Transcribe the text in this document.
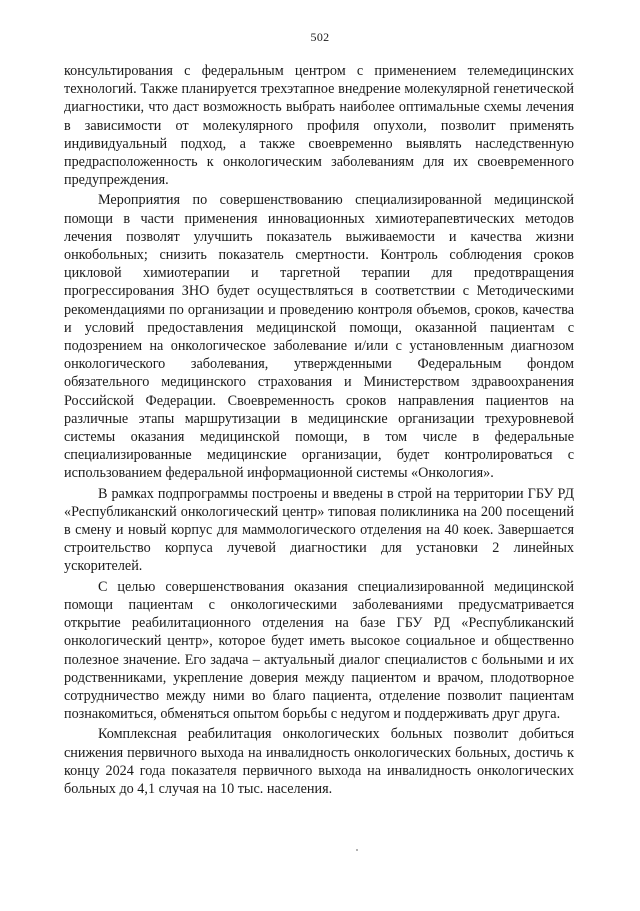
502

консультирования с федеральным центром с применением телемедицинских технологий. Также планируется трехэтапное внедрение молекулярной генетической диагностики, что даст возможность выбрать наиболее оптимальные схемы лечения в зависимости от молекулярного профиля опухоли, позволит применять индивидуальный подход, а также своевременно выявлять наследственную предрасположенность к онкологическим заболеваниям для их своевременного предупреждения.

Мероприятия по совершенствованию специализированной медицинской помощи в части применения инновационных химиотерапевтических методов лечения позволят улучшить показатель выживаемости и качества жизни онкобольных; снизить показатель смертности. Контроль соблюдения сроков цикловой химиотерапии и таргетной терапии для предотвращения прогрессирования ЗНО будет осуществляться в соответствии с Методическими рекомендациями по организации и проведению контроля объемов, сроков, качества и условий предоставления медицинской помощи, оказанной пациентам с подозрением на онкологическое заболевание и/или с установленным диагнозом онкологического заболевания, утвержденными Федеральным фондом обязательного медицинского страхования и Министерством здравоохранения Российской Федерации. Своевременность сроков направления пациентов на различные этапы маршрутизации в медицинские организации трехуровневой системы оказания медицинской помощи, в том числе в федеральные специализированные медицинские организации, будет контролироваться с использованием федеральной информационной системы «Онкология».

В рамках подпрограммы построены и введены в строй на территории ГБУ РД «Республиканский онкологический центр» типовая поликлиника на 200 посещений в смену и новый корпус для маммологического отделения на 40 коек. Завершается строительство корпуса лучевой диагностики для установки 2 линейных ускорителей.

С целью совершенствования оказания специализированной медицинской помощи пациентам с онкологическими заболеваниями предусматривается открытие реабилитационного отделения на базе ГБУ РД «Республиканский онкологический центр», которое будет иметь высокое социальное и общественно полезное значение. Его задача – актуальный диалог специалистов с больными и их родственниками, укрепление доверия между пациентом и врачом, плодотворное сотрудничество между ними во благо пациента, отделение позволит пациентам познакомиться, обменяться опытом борьбы с недугом и поддерживать друг друга.

Комплексная реабилитация онкологических больных позволит добиться снижения первичного выхода на инвалидность онкологических больных, достичь к концу 2024 года показателя первичного выхода на инвалидность онкологических больных до 4,1 случая на 10 тыс. населения.
